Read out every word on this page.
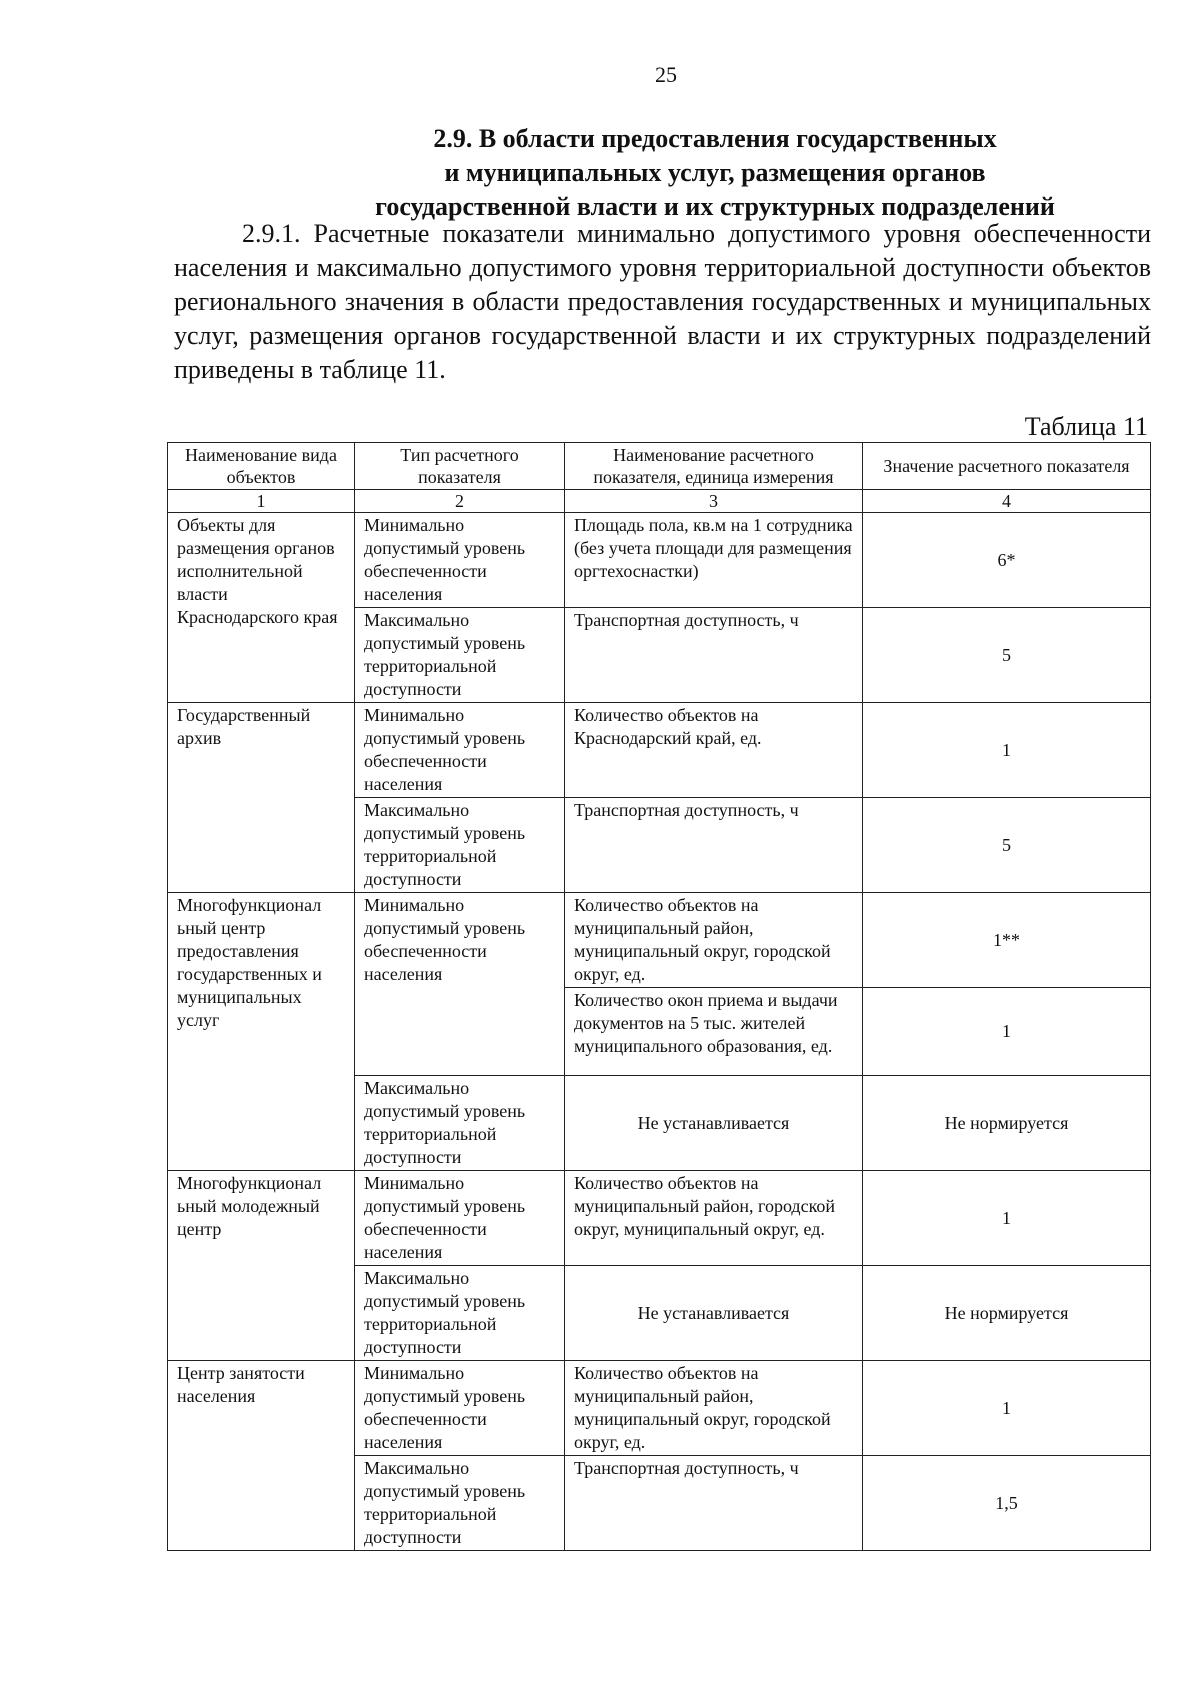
25
2.9. В области предоставления государственных
и муниципальных услуг, размещения органов
государственной власти и их структурных подразделений
2.9.1. Расчетные показатели минимально допустимого уровня обеспеченности населения и максимально допустимого уровня территориальной доступности объектов регионального значения в области предоставления государственных и муниципальных услуг, размещения органов государственной власти и их структурных подразделений приведены в таблице 11.
Таблица 11
Наименование вида объектов	Тип расчетного показателя	Наименование расчетного показателя, единица измерения	Значение расчетного показателя
1	2	3	4
Объекты для размещения органов исполнительной власти Краснодарского края	Минимально допустимый уровень обеспеченности населения	Площадь пола, кв.м на 1 сотрудника (без учета площади для размещения оргтехоснастки)	6*
	Максимально допустимый уровень территориальной доступности	Транспортная доступность, ч	5
Государственный архив	Минимально допустимый уровень обеспеченности населения	Количество объектов на Краснодарский край, ед.	1
	Максимально допустимый уровень территориальной доступности	Транспортная доступность, ч	5
Многофункционал ьный центр предоставления государственных и муниципальных услуг	Минимально допустимый уровень обеспеченности населения	Количество объектов на муниципальный район, муниципальный округ, городской округ, ед.	1**
		Количество окон приема и выдачи документов на 5 тыс. жителей муниципального образования, ед.	1
	Максимально допустимый уровень территориальной доступности	Не устанавливается	Не нормируется
Многофункционал ьный молодежный центр	Минимально допустимый уровень обеспеченности населения	Количество объектов на муниципальный район, городской округ, муниципальный округ, ед.	1
	Максимально допустимый уровень территориальной доступности	Не устанавливается	Не нормируется
Центр занятости населения	Минимально допустимый уровень обеспеченности населения	Количество объектов на муниципальный район, муниципальный округ, городской округ, ед.	1
	Максимально допустимый уровень территориальной доступности	Транспортная доступность, ч	1,5
